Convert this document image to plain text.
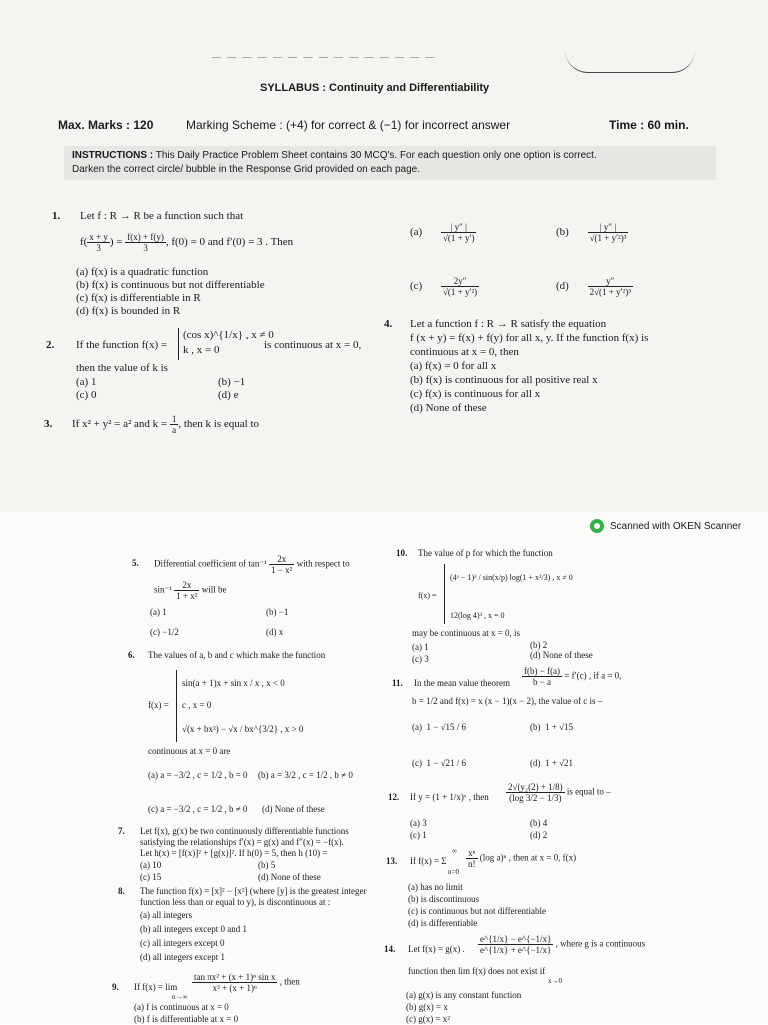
— — — — — — — — — — — — — — —
SYLLABUS : Continuity and Differentiability
Max. Marks : 120	Marking Scheme : (+4) for correct & (−1) for incorrect answer	Time : 60 min.
INSTRUCTIONS : This Daily Practice Problem Sheet contains 30 MCQ's. For each question only one option is correct.
Darken the correct circle/ bubble in the Response Grid provided on each page.
1. Let f : R → R be a function such that
$f( \frac{x + y}{3}$ ) = $\frac{f(x) + f(y)}{3}$ , f(0) = 0 and f′(0) = 3 . Then
(a) f(x) is a quadratic function
(b) f(x) is continuous but not differentiable
(c) f(x) is differentiable in R
(d) f(x) is bounded in R
2. If the function f(x) =
(cos x)^{1/x} , x ≠ 0
k , x = 0	is continuous at x = 0,
then the value of k is
(a) 1	(b) −1
(c) 0	(d) e
3. If x² + y² = a² and $k = \frac{1}{a}$ , then k is equal to
$(a) \frac{| y'' |}{√(1 + y')}$	$(b) \frac{| y'' |}{\text{√(1 + y′²)³}}$
$(c) \frac{2y''}{\text{√(1 + y′²)}}$	$(d) \frac{y''}{\text{2√(1 + y′²)³}}$
4. Let a function f : R → R satisfy the equation
f (x + y) = f(x) + f(y) for all x, y. If the function f(x) is
continuous at x = 0, then
(a) f(x) = 0 for all x
(b) f(x) is continuous for all positive real x
(c) f(x) is continuous for all x
(d) None of these
Scanned with OKEN Scanner
5. Differential coefficient of $\tan^{-1} \frac{2x}{\text{1 − x²}}$ with respect to
$\sin^{-1} \frac{2x}{\text{1 + x²}}$ will be
(a) 1	(b) −1
(c) −1/2	(d) x
6. The values of a, b and c which make the function
f(x) =
sin(a + 1)x + sin x / x , x < 0
c , x = 0
√(x + bx²) − √x / bx^{3/2} , x > 0
continuous at x = 0 are
(a) a = −3/2 , c = 1/2 , b = 0 (b) a = 3/2 , c = 1/2 , b ≠ 0
(c) a = −3/2 , c = 1/2 , b ≠ 0 (d) None of these
7. Let f(x), g(x) be two continuously differentiable functions
satisfying the relationships f′(x) = g(x) and f″(x) = −f(x).
Let h(x) = [f(x)]² + [g(x)]². If h(0) = 5, then h (10) =
(a) 10	(b) 5
(c) 15	(d) None of these
8. The function f(x) = [x]² − [x²] (where [y] is the greatest integer
function less than or equal to y), is discontinuous at :
(a) all integers
(b) all integers except 0 and 1
(c) all integers except 0
(d) all integers except 1
9. If f(x) = lim
n→∞
$\frac{\text{tan πx² + (x + 1)ⁿ sin x}}{\text{x² + (x + 1)ⁿ}}$ , then
(a) f is continuous at x = 0
(b) f is differentiable at x = 0
10. The value of p for which the function
f(x) =
(4ˣ − 1)³ / sin(x/p) log(1 + x²/3) , x ≠ 0
12(log 4)³ , x = 0
may be continuous at x = 0, is
(a) 1	(b) 2
(c) 3	(d) None of these
11. In the mean value theorem $\frac{f(b) - f(a)}{b - a} = f'(c)$ , if a = 0,
b = 1/2 and f(x) = x (x − 1)(x − 2), the value of c is –
(a) 1 − √15 / 6	(b) 1 + √15
(c) 1 − √21 / 6	(d) 1 + √21
12. If y = (1 + 1/x)ˣ , then $\frac{\text{2√(y₂(2) + 1/8)}}{(\log 3/2 - 1/3)}$ is equal to –
(a) 3	(b) 4
(c) 1	(d) 2
13. If f(x) = Σ
∞
n=0
$\frac{\text{xⁿ}}{n!} (\log$ a)ⁿ , then at x = 0, f(x)
(a) has no limit
(b) is discontinuous
(c) is continuous but not differentiable
(d) is differentiable
14. Let f(x) = g(x) . $\frac{e\^{}\{1/x\} - e\^{}\{-1/x\}}{e\^{}\{1/x\} + e\^{}\{-1/x\}}$ , where g is a continuous
function then lim f(x) does not exist if
x→0
(a) g(x) is any constant function
(b) g(x) = x
(c) g(x) = x²
